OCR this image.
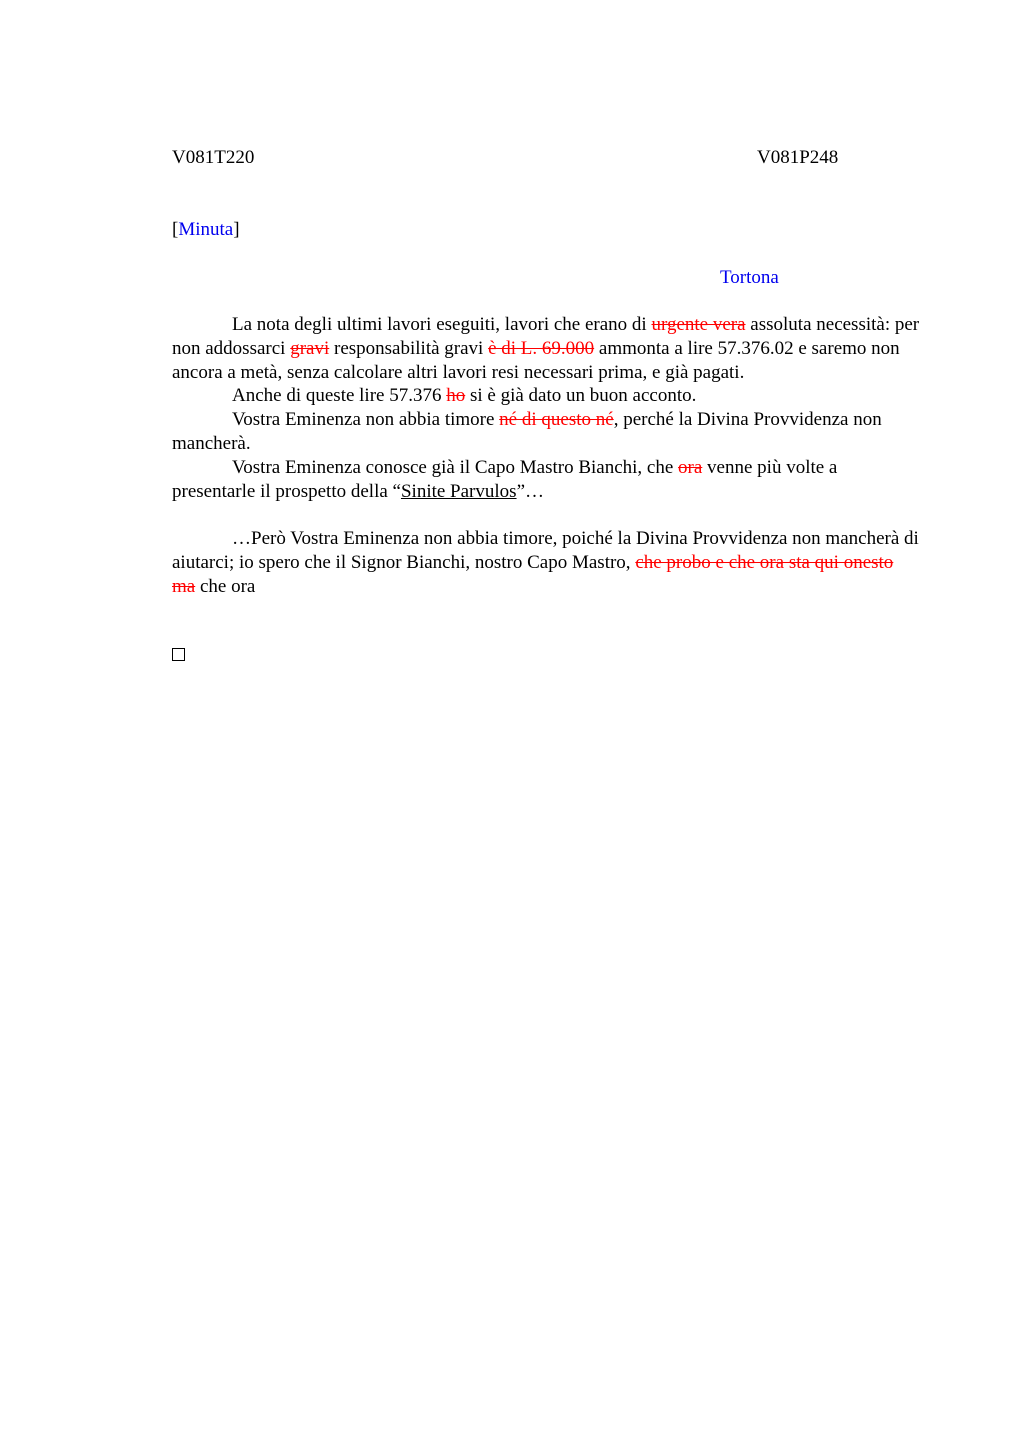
V081T220	V081P248
[Minuta]
Tortona

La nota degli ultimi lavori eseguiti, lavori che erano di urgente vera assoluta necessità: per non addossarci gravi responsabilità gravi è di L. 69.000 ammonta a lire 57.376.02 e saremo non ancora a metà, senza calcolare altri lavori resi necessari prima, e già pagati.

Anche di queste lire 57.376 ho si è già dato un buon acconto.

Vostra Eminenza non abbia timore né di questo né, perché la Divina Provvidenza non mancherà.

Vostra Eminenza conosce già il Capo Mastro Bianchi, che ora venne più volte a presentarle il prospetto della “Sinite Parvulos”…

…Però Vostra Eminenza non abbia timore, poiché la Divina Provvidenza non mancherà di aiutarci; io spero che il Signor Bianchi, nostro Capo Mastro, che probo e che ora sta qui onesto ma che ora
